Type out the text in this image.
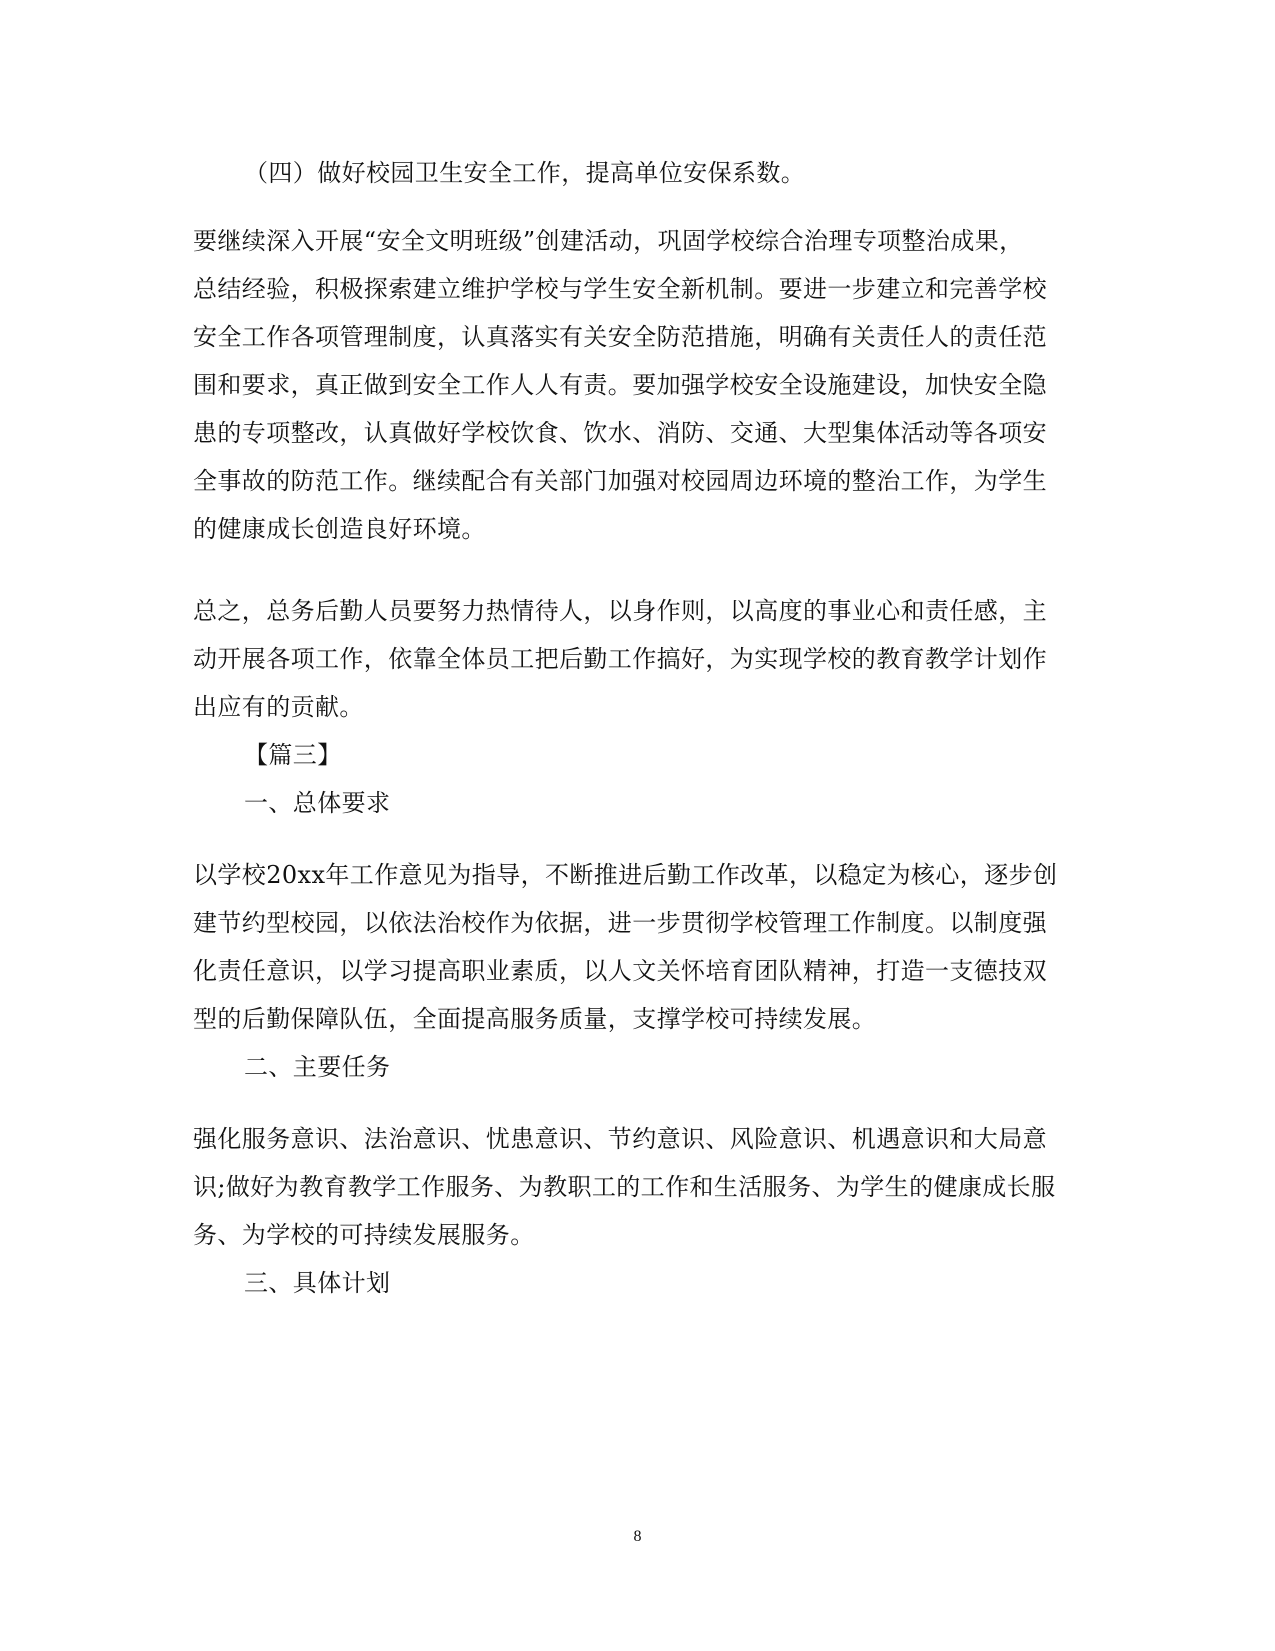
（四）做好校园卫生安全工作，提高单位安保系数。
要继续深入开展“安全文明班级”创建活动，巩固学校综合治理专项整治成果，
总结经验，积极探索建立维护学校与学生安全新机制。要进一步建立和完善学校
安全工作各项管理制度，认真落实有关安全防范措施，明确有关责任人的责任范
围和要求，真正做到安全工作人人有责。要加强学校安全设施建设，加快安全隐
患的专项整改，认真做好学校饮食、饮水、消防、交通、大型集体活动等各项安
全事故的防范工作。继续配合有关部门加强对校园周边环境的整治工作，为学生
的健康成长创造良好环境。
总之，总务后勤人员要努力热情待人，以身作则，以高度的事业心和责任感，主
动开展各项工作，依靠全体员工把后勤工作搞好，为实现学校的教育教学计划作
出应有的贡献。
【篇三】
一、总体要求
以学校20xx年工作意见为指导，不断推进后勤工作改革，以稳定为核心，逐步创
建节约型校园，以依法治校作为依据，进一步贯彻学校管理工作制度。以制度强
化责任意识，以学习提高职业素质，以人文关怀培育团队精神，打造一支德技双
型的后勤保障队伍，全面提高服务质量，支撑学校可持续发展。
二、主要任务
强化服务意识、法治意识、忧患意识、节约意识、风险意识、机遇意识和大局意
识;做好为教育教学工作服务、为教职工的工作和生活服务、为学生的健康成长服
务、为学校的可持续发展服务。
三、具体计划
8
